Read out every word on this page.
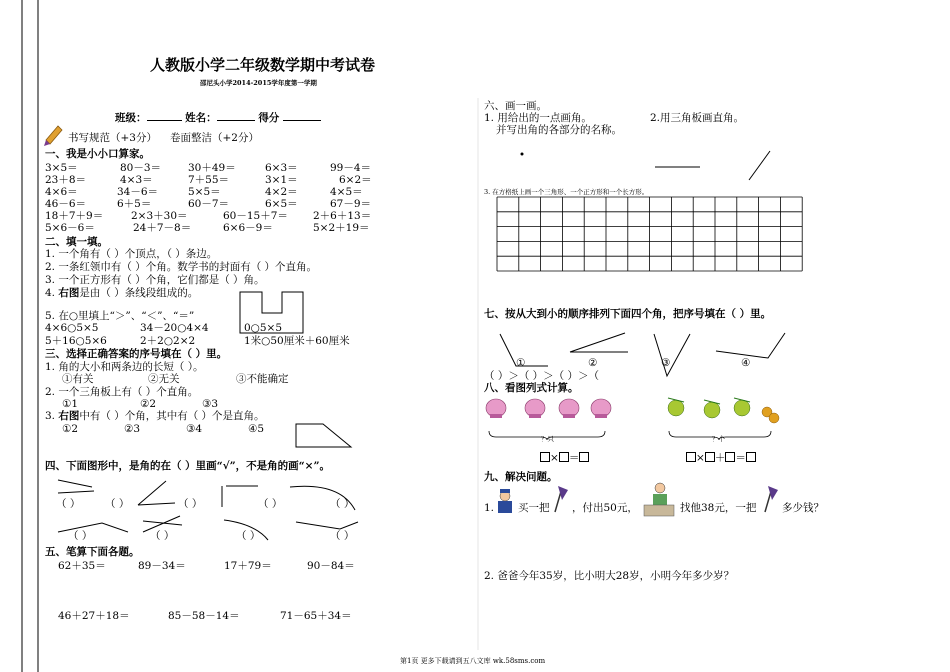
人教版小学二年级数学期中考试卷
邵尼头小学2014-2015学年度第一学期
班级：	姓名：	得分
书写规范（+3分） 卷面整洁（+2分）
一、我是小小口算家。
3×5＝	80－3＝	30＋49＝	6×3＝	99－4＝
23＋8＝	4×3＝	7＋55＝	3×1＝	6×2＝
4×6＝	34－6＝	5×5＝	4×2＝	4×5＝
46－6＝	6＋5＝	60－7＝	6×5＝	67－9＝
18＋7＋9＝	2×3＋30＝	60－15＋7＝ 2＋6＋13＝
5×6－6＝	24＋7－8＝	6×6－9＝	5×2＋19＝
二、填一填。
1. 一个角有（ ）个顶点，（ ）条边。
2. 一条红领巾有（ ）个角。数学书的封面有（ ）个直角。
3. 一个正方形有（ ）个角，它们都是（ ）角。
4. 右图是由（ ）条线段组成的。
5. 在○里填上“＞”、“＜”、“＝”
4×6○5×5	34－20○4×4	0○5×5
5＋16○5×6	2＋2○2×2	1米○50厘米＋60厘米
三、选择正确答案的序号填在（ ）里。
1. 角的大小和两条边的长短（ ）。
①有关	②无关	③不能确定
2. 一个三角板上有（ ）个直角。
①1	②2	③3
3. 右图中有（ ）个角，其中有（ ）个是直角。
①2	②3	③4	④5
四、下面图形中，是角的在（ ）里画“√”，不是角的画“×”。
（ ） （ ）	（ ）	（ ）	（ ）
（ ）	（ ）	（ ）	（ ）
五、笔算下面各题。
62＋35＝	89－34＝	17＋79＝	90－84＝
46＋27＋18＝	85－58－14＝	71－65＋34＝
六、画一画。
1. 用给出的一点画角。	2.用三角板画直角。
并写出角的各部分的名称。
3. 在方格纸上画一个三角形、一个正方形和一个长方形。
七、按从大到小的顺序排列下面四个角，把序号填在（ ）里。
①	②	③	④
（ ）＞（ ）＞（ ）＞（
八、看图列式计算。
？只	？个
× ＝	× ＋ ＝
九、解决问题。
1. 买一把 ，付出50元，	找他38元，一把 多少钱？
2. 爸爸今年35岁，比小明大28岁，小明今年多少岁？
第1页 更多下载请到五八文库 wk.58sms.com
